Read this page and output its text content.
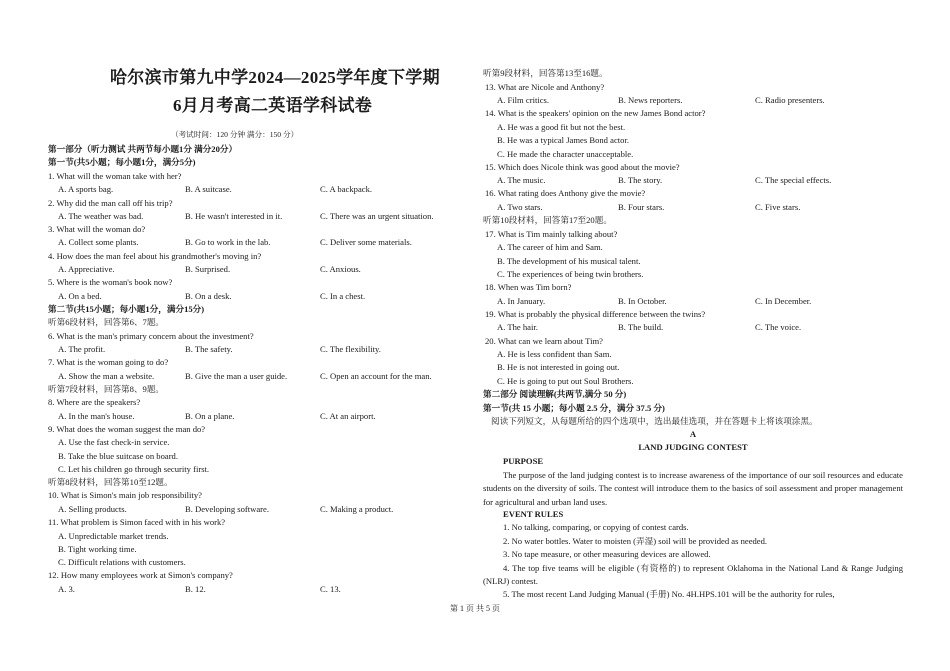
哈尔滨市第九中学2024—2025学年度下学期
6月月考高二英语学科试卷
（考试时间：120 分钟 满分：150 分）
第一部分（听力测试 共两节每小题1分 满分20分）
第一节(共5小题；每小题1分，满分5分)
1. What will the woman take with her?
A. A sports bag.	B. A suitcase.	C. A backpack.
2. Why did the man call off his trip?
A. The weather was bad.	B. He wasn't interested in it.	C. There was an urgent situation.
3. What will the woman do?
A. Collect some plants.	B. Go to work in the lab.	C. Deliver some materials.
4. How does the man feel about his grandmother's moving in?
A. Appreciative.	B. Surprised.	C. Anxious.
5. Where is the woman's book now?
A. On a bed.	B. On a desk.	C. In a chest.
第二节(共15小题；每小题1分，满分15分)
听第6段材料，回答第6、7题。
6. What is the man's primary concern about the investment?
A. The profit.	B. The safety.	C. The flexibility.
7. What is the woman going to do?
A. Show the man a website.	B. Give the man a user guide.	C. Open an account for the man.
听第7段材料，回答第8、9题。
8. Where are the speakers?
A. In the man's house.	B. On a plane.	C. At an airport.
9. What does the woman suggest the man do?
A. Use the fast check-in service.
B. Take the blue suitcase on board.
C. Let his children go through security first.
听第8段材料，回答第10至12题。
10. What is Simon's main job responsibility?
A. Selling products.	B. Developing software.	C. Making a product.
11. What problem is Simon faced with in his work?
A. Unpredictable market trends.
B. Tight working time.
C. Difficult relations with customers.
12. How many employees work at Simon's company?
A. 3.	B. 12.	C. 13.
听第9段材料，回答第13至16题。
13. What are Nicole and Anthony?
A. Film critics.	B. News reporters.	C. Radio presenters.
14. What is the speakers' opinion on the new James Bond actor?
A. He was a good fit but not the best.
B. He was a typical James Bond actor.
C. He made the character unacceptable.
15. Which does Nicole think was good about the movie?
A. The music.	B. The story.	C. The special effects.
16. What rating does Anthony give the movie?
A. Two stars.	B. Four stars.	C. Five stars.
听第10段材料，回答第17至20题。
17. What is Tim mainly talking about?
A. The career of him and Sam.
B. The development of his musical talent.
C. The experiences of being twin brothers.
18. When was Tim born?
A. In January.	B. In October.	C. In December.
19. What is probably the physical difference between the twins?
A. The hair.	B. The build.	C. The voice.
20. What can we learn about Tim?
A. He is less confident than Sam.
B. He is not interested in going out.
C. He is going to put out Soul Brothers.
第二部分 阅读理解(共两节,满分 50 分)
第一节(共 15 小题；每小题 2.5 分，满分 37.5 分)
阅读下列短文，从每题所给的四个选项中，选出最佳选项，并在答题卡上将该项涂黑。
A
LAND JUDGING CONTEST
PURPOSE
The purpose of the land judging contest is to increase awareness of the importance of our soil resources and educate students on the diversity of soils. The contest will introduce them to the basics of soil assessment and proper management for agricultural and urban land uses.
EVENT RULES
1. No talking, comparing, or copying of contest cards.
2. No water bottles. Water to moisten (弄湿) soil will be provided as needed.
3. No tape measure, or other measuring devices are allowed.
4. The top five teams will be eligible (有资格的) to represent Oklahoma in the National Land & Range Judging (NLRJ) contest.
5. The most recent Land Judging Manual (手册) No. 4H.HPS.101 will be the authority for rules,
第 1 页 共 5 页
